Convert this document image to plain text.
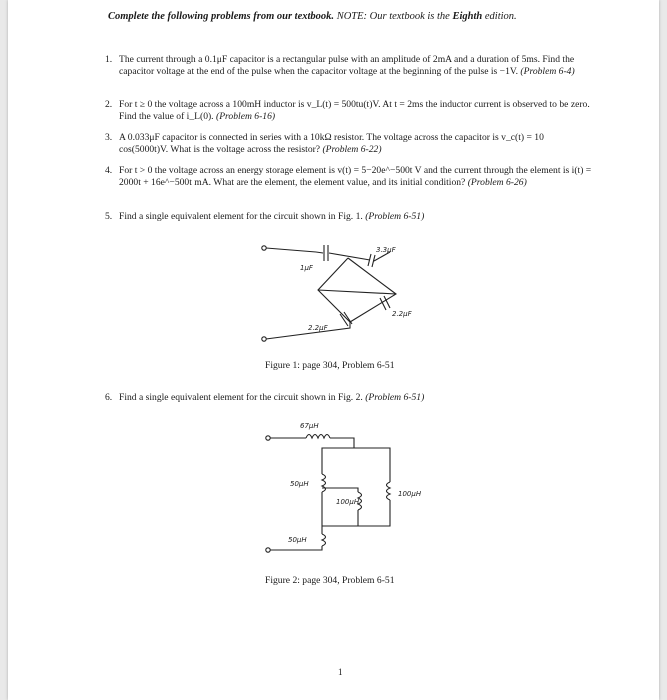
Complete the following problems from our textbook. NOTE: Our textbook is the Eighth edition.
1. The current through a 0.1μF capacitor is a rectangular pulse with an amplitude of 2mA and a duration of 5ms. Find the capacitor voltage at the end of the pulse when the capacitor voltage at the beginning of the pulse is −1V. (Problem 6-4)
2. For t ≥ 0 the voltage across a 100mH inductor is v_L(t) = 500tu(t)V. At t = 2ms the inductor current is observed to be zero. Find the value of i_L(0). (Problem 6-16)
3. A 0.033μF capacitor is connected in series with a 10kΩ resistor. The voltage across the capacitor is v_c(t) = 10 cos(5000t)V. What is the voltage across the resistor? (Problem 6-22)
4. For t > 0 the voltage across an energy storage element is v(t) = 5−20e^−500t V and the current through the element is i(t) = 2000t + 16e^−500t mA. What are the element, the element value, and its initial condition? (Problem 6-26)
5. Find a single equivalent element for the circuit shown in Fig. 1. (Problem 6-51)
6. Find a single equivalent element for the circuit shown in Fig. 2. (Problem 6-51)
1μF
3.3μF
2.2μF
2.2μF
Figure 1: page 304, Problem 6-51
67μH
50μH
100μH
100μH
50μH
Figure 2: page 304, Problem 6-51
1
